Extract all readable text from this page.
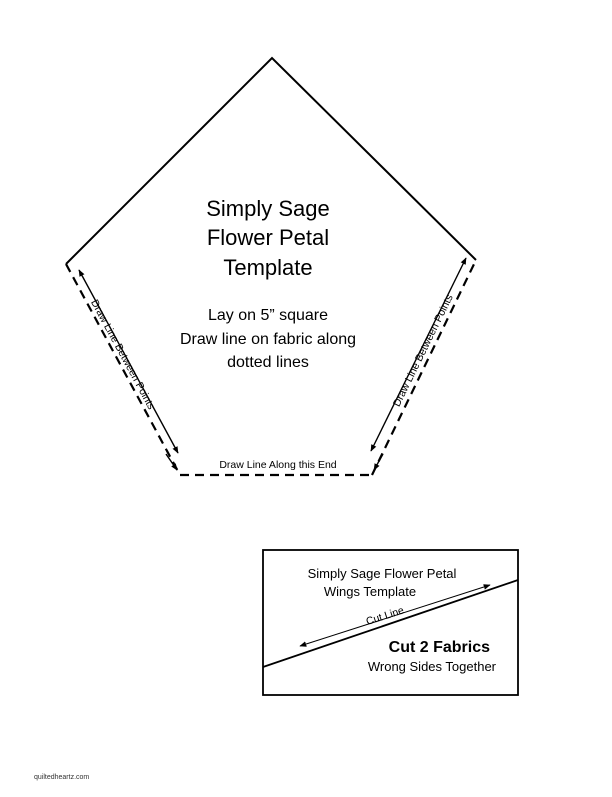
Simply Sage
Flower Petal
Template
Lay on 5” square
Draw line on fabric along
dotted lines
Draw Line Between Points	Draw Line Between Points
Draw Line Along this End
Simply Sage Flower Petal
Wings Template
Cut Line
Cut 2 Fabrics
Wrong Sides Together
quiltedheartz.com
